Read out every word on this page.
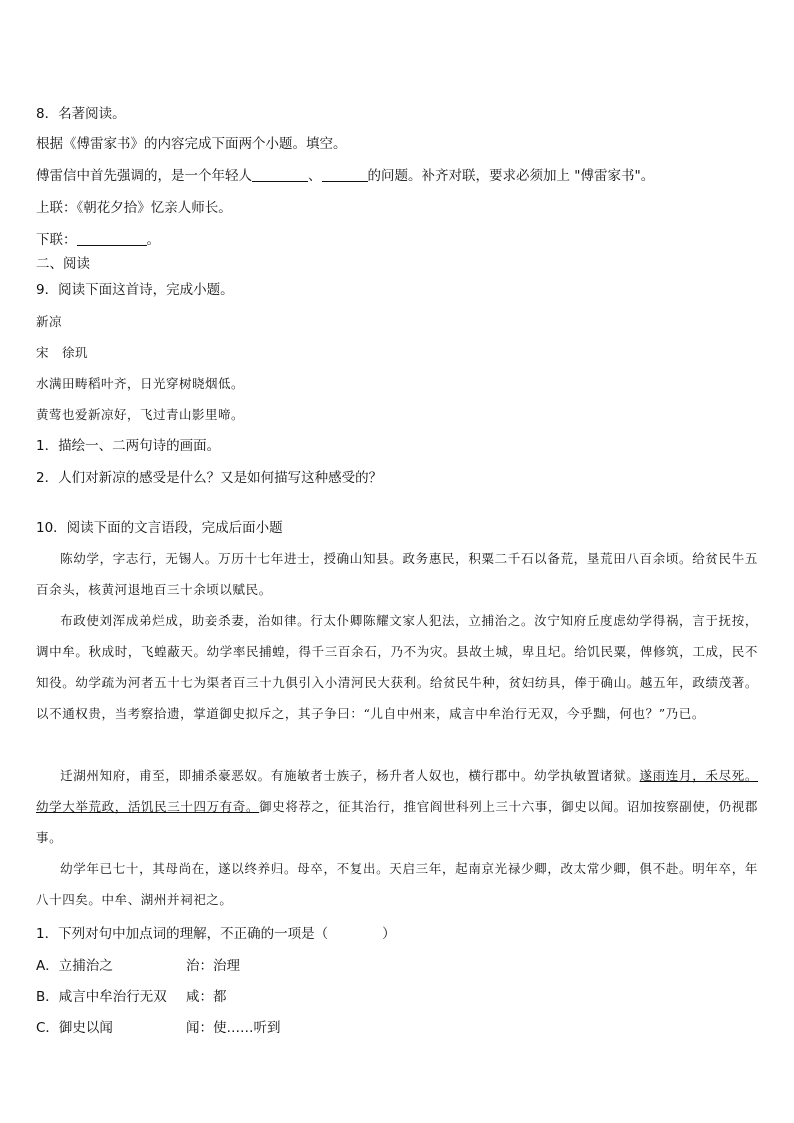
8．名著阅读。
根据《傅雷家书》的内容完成下面两个小题。填空。
傅雷信中首先强调的，是一个年轻人	、	的问题。补齐对联，要求必须加上 "傅雷家书"。
上联：《朝花夕拾》忆亲人师长。
下联：	。
二、阅读
9．阅读下面这首诗，完成小题。
新凉
宋　徐玑
水满田畴稻叶齐，日光穿树晓烟低。
黄莺也爱新凉好，飞过青山影里啼。
1．描绘一、二两句诗的画面。
2．人们对新凉的感受是什么？又是如何描写这种感受的？
10．阅读下面的文言语段，完成后面小题

陈幼学，字志行，无锡人。万历十七年进士，授确山知县。政务惠民，积粟二千石以备荒，垦荒田八百余顷。给贫民牛五百余头，核黄河退地百三十余顷以赋民。

布政使刘浑成弟烂成，助妾杀妻，治如律。行太仆卿陈耀文家人犯法，立捕治之。汝宁知府丘度虑幼学得祸，言于抚按，调中牟。秋成时，飞蝗蔽天。幼学率民捕蝗，得千三百余石，乃不为灾。县故土城，卑且圮。给饥民粟，俾修筑，工成，民不知役。幼学疏为河者五十七为渠者百三十九俱引入小清河民大获利。给贫民牛种，贫妇纺具，俸于确山。越五年，政绩茂著。以不通权贵，当考察拾遗，掌道御史拟斥之，其子争曰：“儿自中州来，咸言中牟治行无双，今乎黜，何也？”乃已。

迁湖州知府，甫至，即捕杀豪恶奴。有施敏者士族子，杨升者人奴也，横行郡中。幼学执敏置诸狱。遂雨连月，禾尽死。幼学大举荒政，活饥民三十四万有奇。御史将荐之，征其治行，推官阎世科列上三十六事，御史以闻。诏加按察副使，仍视郡事。

幼学年已七十，其母尚在，遂以终养归。母卒，不复出。天启三年，起南京光禄少卿，改太常少卿，俱不赴。明年卒，年八十四矣。中牟、湖州并祠祀之。

1．下列对句中加点词的理解，不正确的一项是（	）
A．立捕治之	治：治理
B．咸言中牟治行无双 咸：都
C．御史以闻	闻：使……听到
